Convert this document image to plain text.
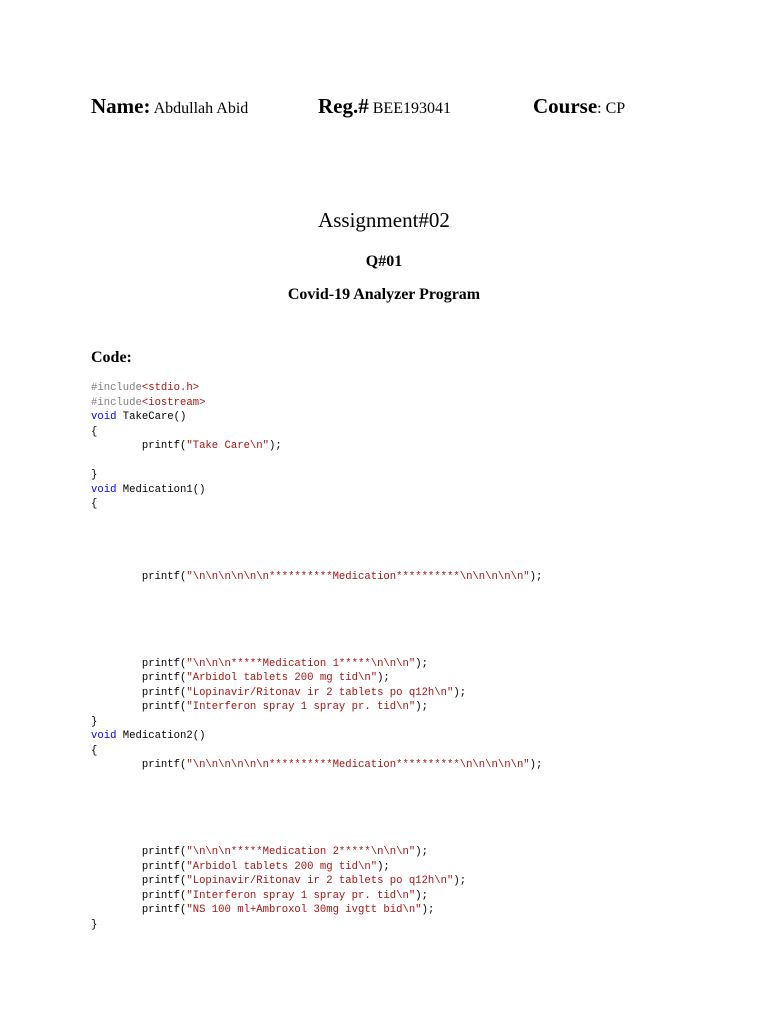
Name: Abdullah Abid	Reg.# BEE193041	Course: CP
Assignment#02
Q#01
Covid-19 Analyzer Program
Code:
#include<stdio.h>
#include<iostream>
void TakeCare()
{
printf("Take Care\n");
}
void Medication1()
{
printf("\n\n\n\n\n\n**********Medication**********\n\n\n\n\n");
printf("\n\n\n*****Medication 1*****\n\n\n");
printf("Arbidol tablets 200 mg tid\n");
printf("Lopinavir/Ritonav ir 2 tablets po q12h\n");
printf("Interferon spray 1 spray pr. tid\n");
}
void Medication2()
{
printf("\n\n\n\n\n\n**********Medication**********\n\n\n\n\n");
printf("\n\n\n*****Medication 2*****\n\n\n");
printf("Arbidol tablets 200 mg tid\n");
printf("Lopinavir/Ritonav ir 2 tablets po q12h\n");
printf("Interferon spray 1 spray pr. tid\n");
printf("NS 100 ml+Ambroxol 30mg ivgtt bid\n");
}
